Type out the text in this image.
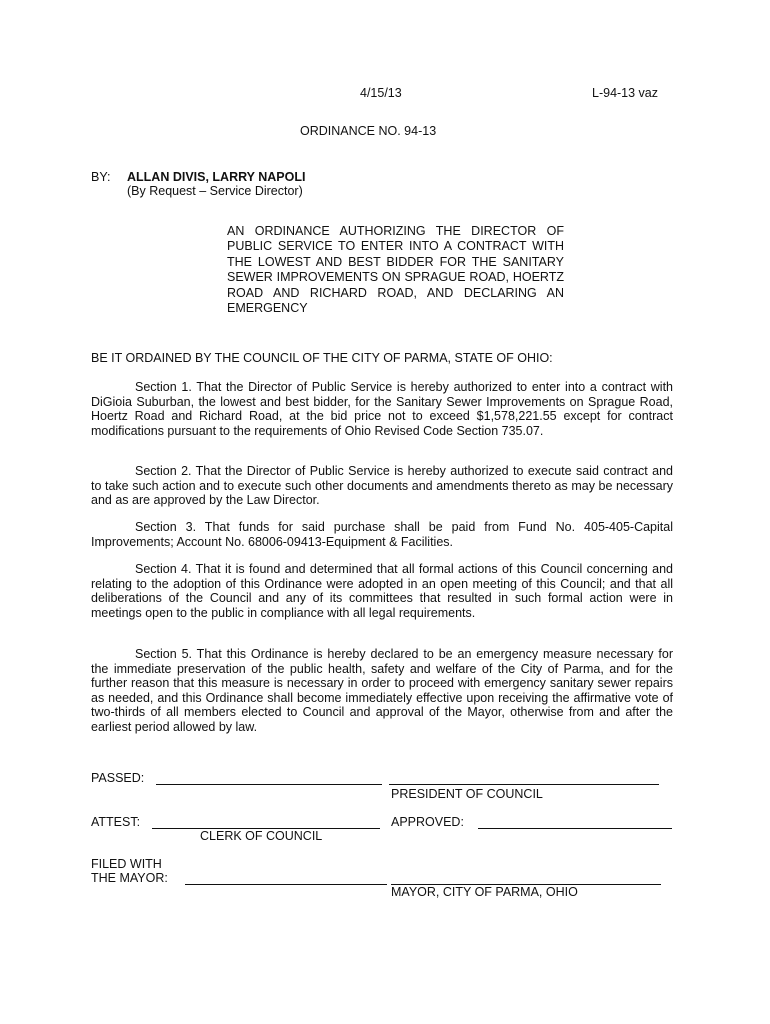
4/15/13	L-94-13 vaz
ORDINANCE NO. 94-13
BY: ALLAN DIVIS, LARRY NAPOLI
(By Request – Service Director)
AN ORDINANCE AUTHORIZING THE DIRECTOR OF PUBLIC SERVICE TO ENTER INTO A CONTRACT WITH THE LOWEST AND BEST BIDDER FOR THE SANITARY SEWER IMPROVEMENTS ON SPRAGUE ROAD, HOERTZ ROAD AND RICHARD ROAD, AND DECLARING AN EMERGENCY
BE IT ORDAINED BY THE COUNCIL OF THE CITY OF PARMA, STATE OF OHIO:
Section 1. That the Director of Public Service is hereby authorized to enter into a contract with DiGioia Suburban, the lowest and best bidder, for the Sanitary Sewer Improvements on Sprague Road, Hoertz Road and Richard Road, at the bid price not to exceed $1,578,221.55 except for contract modifications pursuant to the requirements of Ohio Revised Code Section 735.07.
Section 2. That the Director of Public Service is hereby authorized to execute said contract and to take such action and to execute such other documents and amendments thereto as may be necessary and as are approved by the Law Director.
Section 3. That funds for said purchase shall be paid from Fund No. 405-405-Capital Improvements; Account No. 68006-09413-Equipment & Facilities.
Section 4. That it is found and determined that all formal actions of this Council concerning and relating to the adoption of this Ordinance were adopted in an open meeting of this Council; and that all deliberations of the Council and any of its committees that resulted in such formal action were in meetings open to the public in compliance with all legal requirements.
Section 5. That this Ordinance is hereby declared to be an emergency measure necessary for the immediate preservation of the public health, safety and welfare of the City of Parma, and for the further reason that this measure is necessary in order to proceed with emergency sanitary sewer repairs as needed, and this Ordinance shall become immediately effective upon receiving the affirmative vote of two-thirds of all members elected to Council and approval of the Mayor, otherwise from and after the earliest period allowed by law.
PASSED:
PRESIDENT OF COUNCIL
ATTEST:	APPROVED:
CLERK OF COUNCIL
FILED WITH
THE MAYOR:
MAYOR, CITY OF PARMA, OHIO
